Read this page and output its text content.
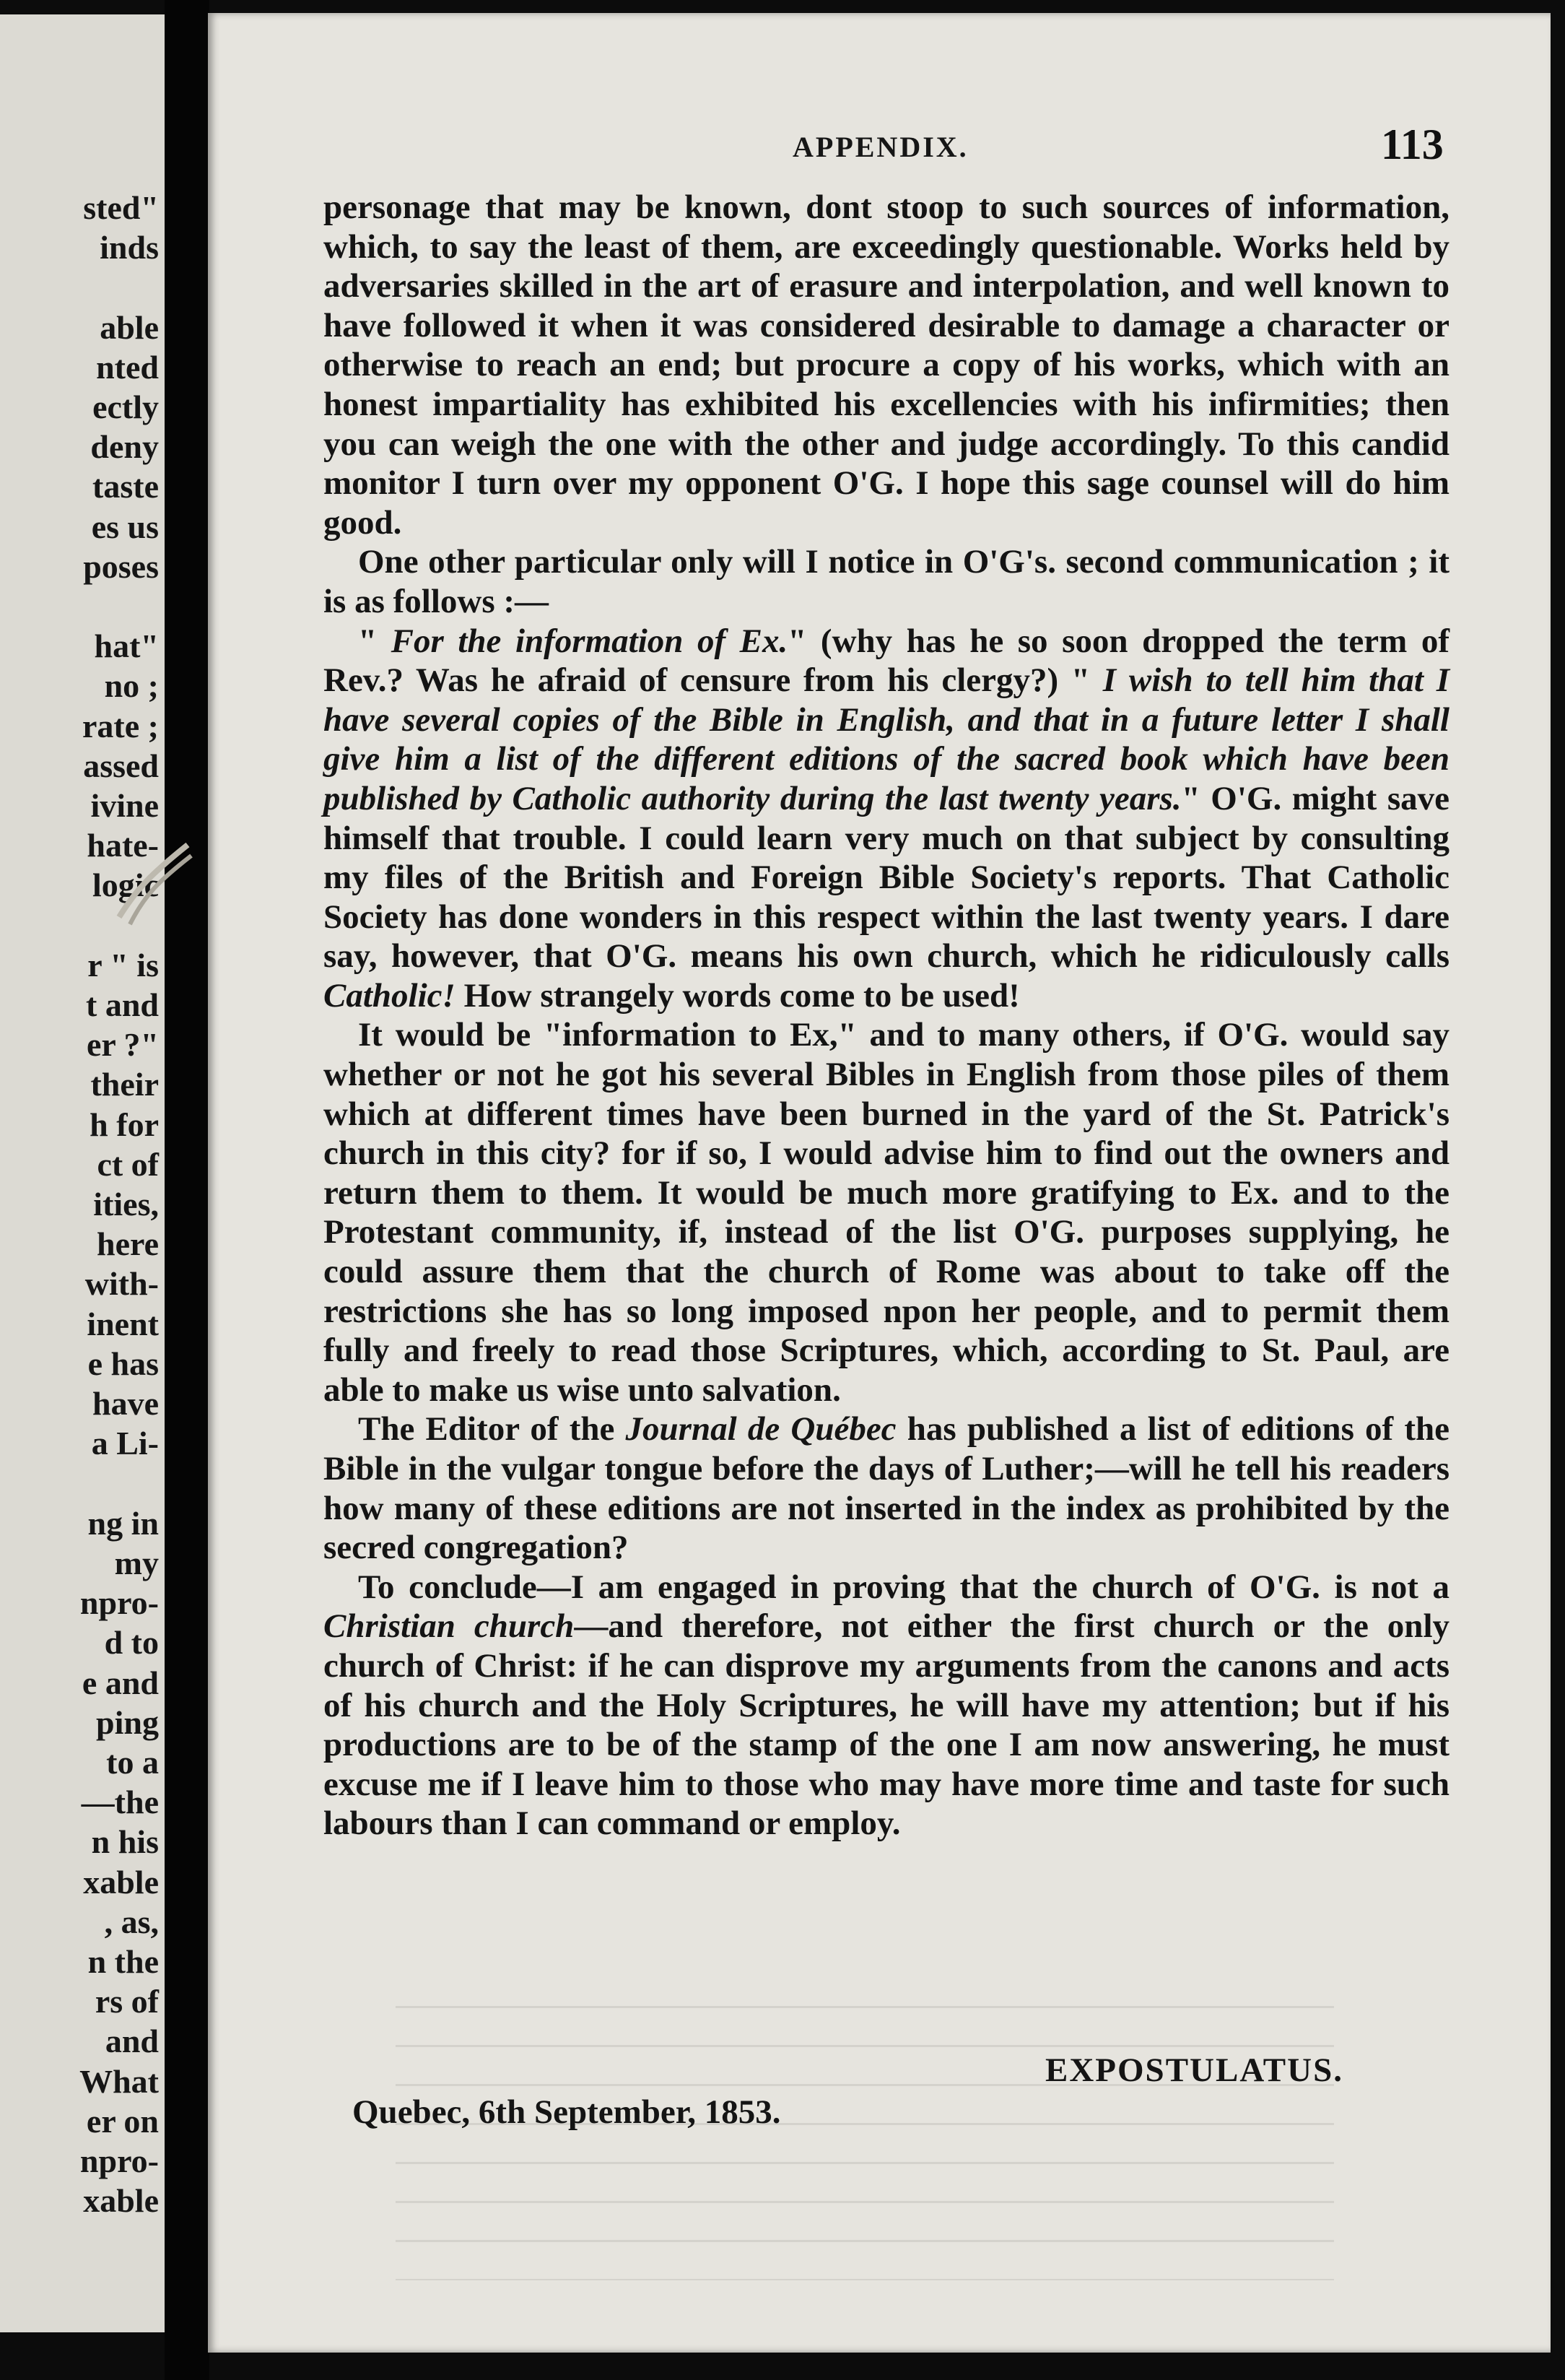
sted"
inds

able
nted
ectly
deny
taste
es us
poses

hat"
no ;
rate ;
assed
ivine
hate-
logic

r " is
t and
er ?"
their
h for
ct of
ities,
here
with-
inent
e has
have
a Li-

ng in
my
npro-
d to
e and
ping
to a
—the
n his
xable
, as,
n the
rs of
and
What
er on
npro-
xable
APPENDIX.	113

personage that may be known, dont stoop to such sources of information, which, to say the least of them, are exceedingly questionable. Works held by adversaries skilled in the art of erasure and interpolation, and well known to have followed it when it was considered desirable to damage a character or otherwise to reach an end; but procure a copy of his works, which with an honest impartiality has exhibited his excellencies with his infirmities; then you can weigh the one with the other and judge accordingly. To this candid monitor I turn over my opponent O'G. I hope this sage counsel will do him good.

One other particular only will I notice in O'G's. second communication ; it is as follows :—

" For the information of Ex." (why has he so soon dropped the term of Rev.? Was he afraid of censure from his clergy?) " I wish to tell him that I have several copies of the Bible in English, and that in a future letter I shall give him a list of the different editions of the sacred book which have been published by Catholic authority during the last twenty years." O'G. might save himself that trouble. I could learn very much on that subject by consulting my files of the British and Foreign Bible Society's reports. That Catholic Society has done wonders in this respect within the last twenty years. I dare say, however, that O'G. means his own church, which he ridiculously calls Catholic! How strangely words come to be used!

It would be "information to Ex," and to many others, if O'G. would say whether or not he got his several Bibles in English from those piles of them which at different times have been burned in the yard of the St. Patrick's church in this city? for if so, I would advise him to find out the owners and return them to them. It would be much more gratifying to Ex. and to the Protestant community, if, instead of the list O'G. purposes supplying, he could assure them that the church of Rome was about to take off the restrictions she has so long imposed npon her people, and to permit them fully and freely to read those Scriptures, which, according to St. Paul, are able to make us wise unto salvation.

The Editor of the Journal de Québec has published a list of editions of the Bible in the vulgar tongue before the days of Luther;—will he tell his readers how many of these editions are not inserted in the index as prohibited by the secred congregation?

To conclude—I am engaged in proving that the church of O'G. is not a Christian church—and therefore, not either the first church or the only church of Christ: if he can disprove my arguments from the canons and acts of his church and the Holy Scriptures, he will have my attention; but if his productions are to be of the stamp of the one I am now answering, he must excuse me if I leave him to those who may have more time and taste for such labours than I can command or employ.

EXPOSTULATUS.
Quebec, 6th September, 1853.
